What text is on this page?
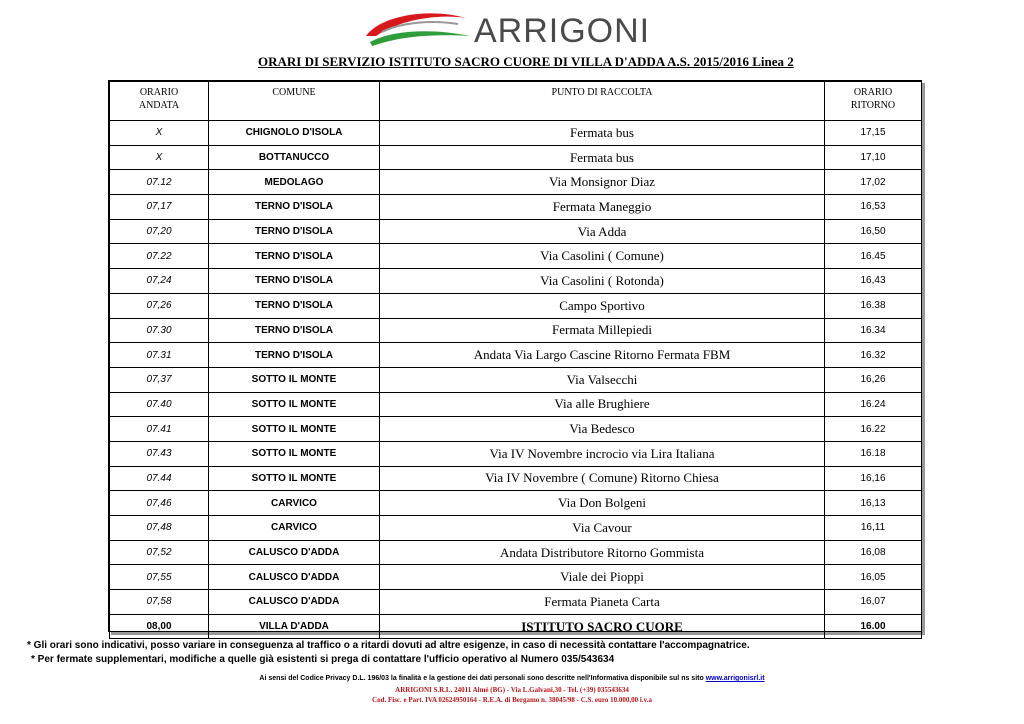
ARRIGONI
ORARI DI SERVIZIO ISTITUTO SACRO CUORE DI VILLA D'ADDA A.S. 2015/2016 Linea 2
ORARIO ANDATA	COMUNE	PUNTO DI RACCOLTA	ORARIO RITORNO
X	CHIGNOLO D'ISOLA	Fermata bus	17,15
X	BOTTANUCCO	Fermata bus	17,10
07.12	MEDOLAGO	Via Monsignor Diaz	17,02
07,17	TERNO D'ISOLA	Fermata Maneggio	16,53
07,20	TERNO D'ISOLA	Via Adda	16,50
07.22	TERNO D'ISOLA	Via Casolini ( Comune)	16.45
07,24	TERNO D'ISOLA	Via Casolini ( Rotonda)	16,43
07,26	TERNO D'ISOLA	Campo Sportivo	16.38
07.30	TERNO D'ISOLA	Fermata Millepiedi	16.34
07.31	TERNO D'ISOLA	Andata Via Largo Cascine Ritorno Fermata FBM	16.32
07,37	SOTTO IL MONTE	Via Valsecchi	16,26
07.40	SOTTO IL MONTE	Via alle Brughiere	16.24
07.41	SOTTO IL MONTE	Via Bedesco	16.22
07.43	SOTTO IL MONTE	Via IV Novembre incrocio via Lira Italiana	16.18
07.44	SOTTO IL MONTE	Via IV Novembre ( Comune) Ritorno Chiesa	16,16
07,46	CARVICO	Via Don Bolgeni	16,13
07,48	CARVICO	Via Cavour	16,11
07,52	CALUSCO D'ADDA	Andata Distributore Ritorno Gommista	16,08
07,55	CALUSCO D'ADDA	Viale dei Pioppi	16,05
07,58	CALUSCO D'ADDA	Fermata Pianeta Carta	16,07
08,00	VILLA D'ADDA	ISTITUTO SACRO CUORE	16.00
* Gli orari sono indicativi, posso variare in conseguenza al traffico o a ritardi dovuti ad altre esigenze, in caso di necessità contattare l'accompagnatrice.
* Per fermate supplementari, modifiche a quelle già esistenti si prega di contattare l'ufficio operativo al Numero 035/543634
Ai sensi del Codice Privacy D.L. 196/03 la finalità e la gestione dei dati personali sono descritte nell'Informativa disponibile sul ns sito www.arrigonisrl.it
ARRIGONI S.R.L. 24011 Almè (BG) - Via L.Galvani,30 - Tel. (+39) 035543634
Cod. Fisc. e Part. IVA 02624950164 - R.E.A. di Bergamo n. 38045/98 - C.S. euro 10.000,00 i.v.a
